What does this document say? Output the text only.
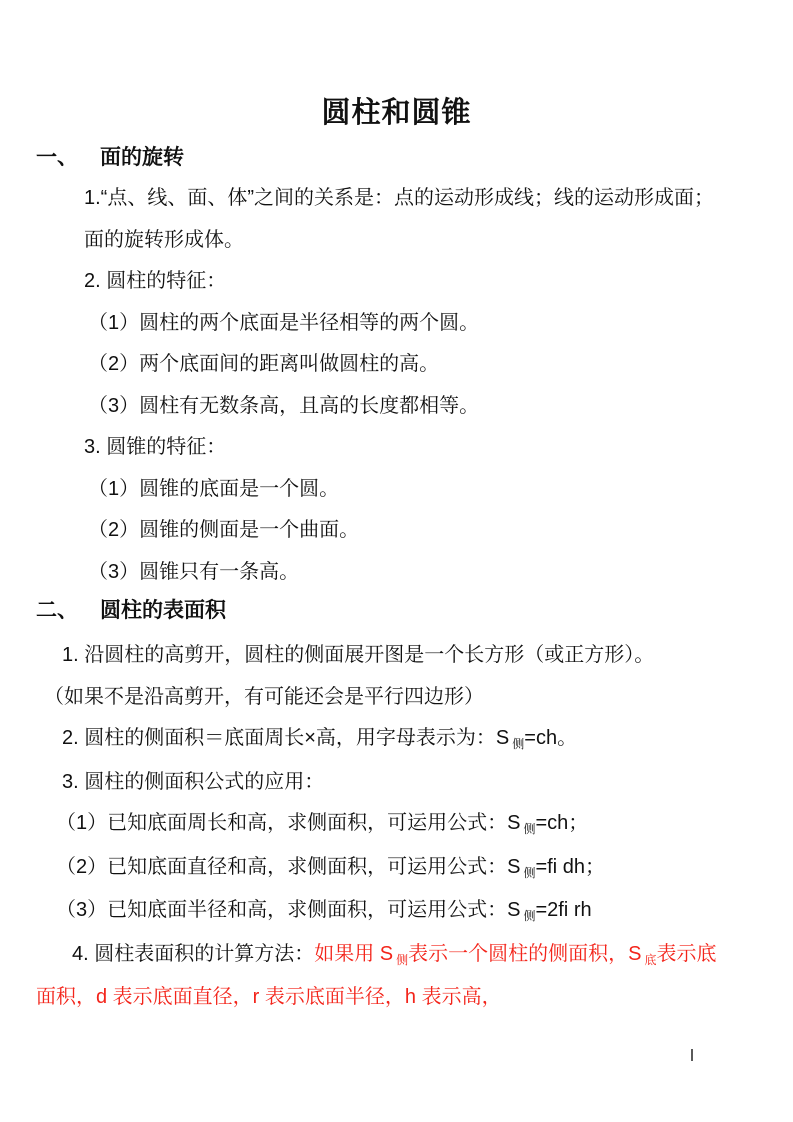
圆柱和圆锥
一、 面的旋转

1.“点、线、面、体”之间的关系是：点的运动形成线；线的运动形成面；

面的旋转形成体。

2. 圆柱的特征：

（1）圆柱的两个底面是半径相等的两个圆。

（2）两个底面间的距离叫做圆柱的高。

（3）圆柱有无数条高，且高的长度都相等。

3. 圆锥的特征：

（1）圆锥的底面是一个圆。

（2）圆锥的侧面是一个曲面。

（3）圆锥只有一条高。

二、 圆柱的表面积

1. 沿圆柱的高剪开，圆柱的侧面展开图是一个长方形（或正方形）。

（如果不是沿高剪开，有可能还会是平行四边形）

2. 圆柱的侧面积＝底面周长×高，用字母表示为：S $_侧$=ch。

3. 圆柱的侧面积公式的应用：

（1）已知底面周长和高，求侧面积，可运用公式：S $_侧$=ch；

（2）已知底面直径和高，求侧面积，可运用公式：S $_侧$=ﬁ dh；

（3）已知底面半径和高，求侧面积，可运用公式：S $_侧$=2ﬁ rh

4. 圆柱表面积的计算方法：如果用 S $_侧$表示一个圆柱的侧面积，S $_底$表示底

面积，d 表示底面直径，r 表示底面半径，h 表示高，
